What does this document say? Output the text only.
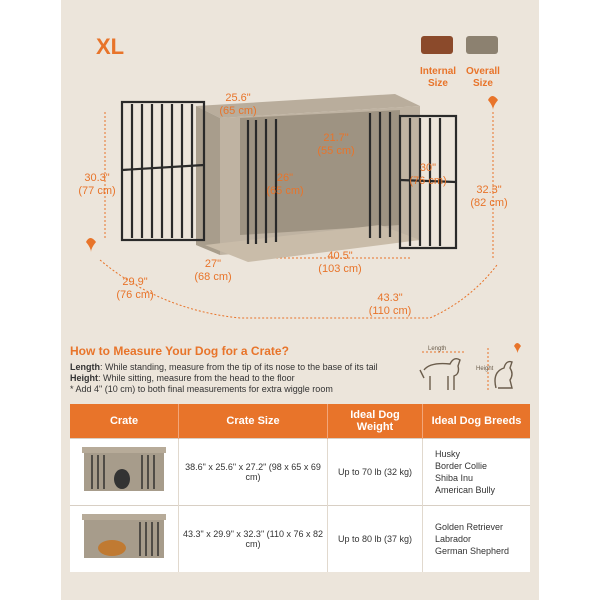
XL
Internal Size
Overall Size
25.6"
(65 cm)
21.7"
(55 cm)
30.3"
(77 cm)
26"
(65 cm)
30"
(76 cm)
32.3"
(82 cm)
27"
(68 cm)
40.5"
(103 cm)
29.9"
(76 cm)	43.3"
(110 cm)
How to Measure Your Dog for a Crate?
Length: While standing, measure from the tip of its nose to the base of its tail
Height: While sitting, measure from the head to the floor
* Add 4" (10 cm) to both final measurements for extra wiggle room
Length
Height
Crate	Crate Size	Ideal Dog Weight	Ideal Dog Breeds
	38.6" x 25.6" x 27.2" (98 x 65 x 69 cm)	Up to 70 lb (32 kg)	Husky
Border Collie
Shiba Inu
American Bully

	43.3" x 29.9" x 32.3" (110 x 76 x 82 cm)	Up to 80 lb (37 kg)	Golden Retriever
Labrador
German Shepherd
